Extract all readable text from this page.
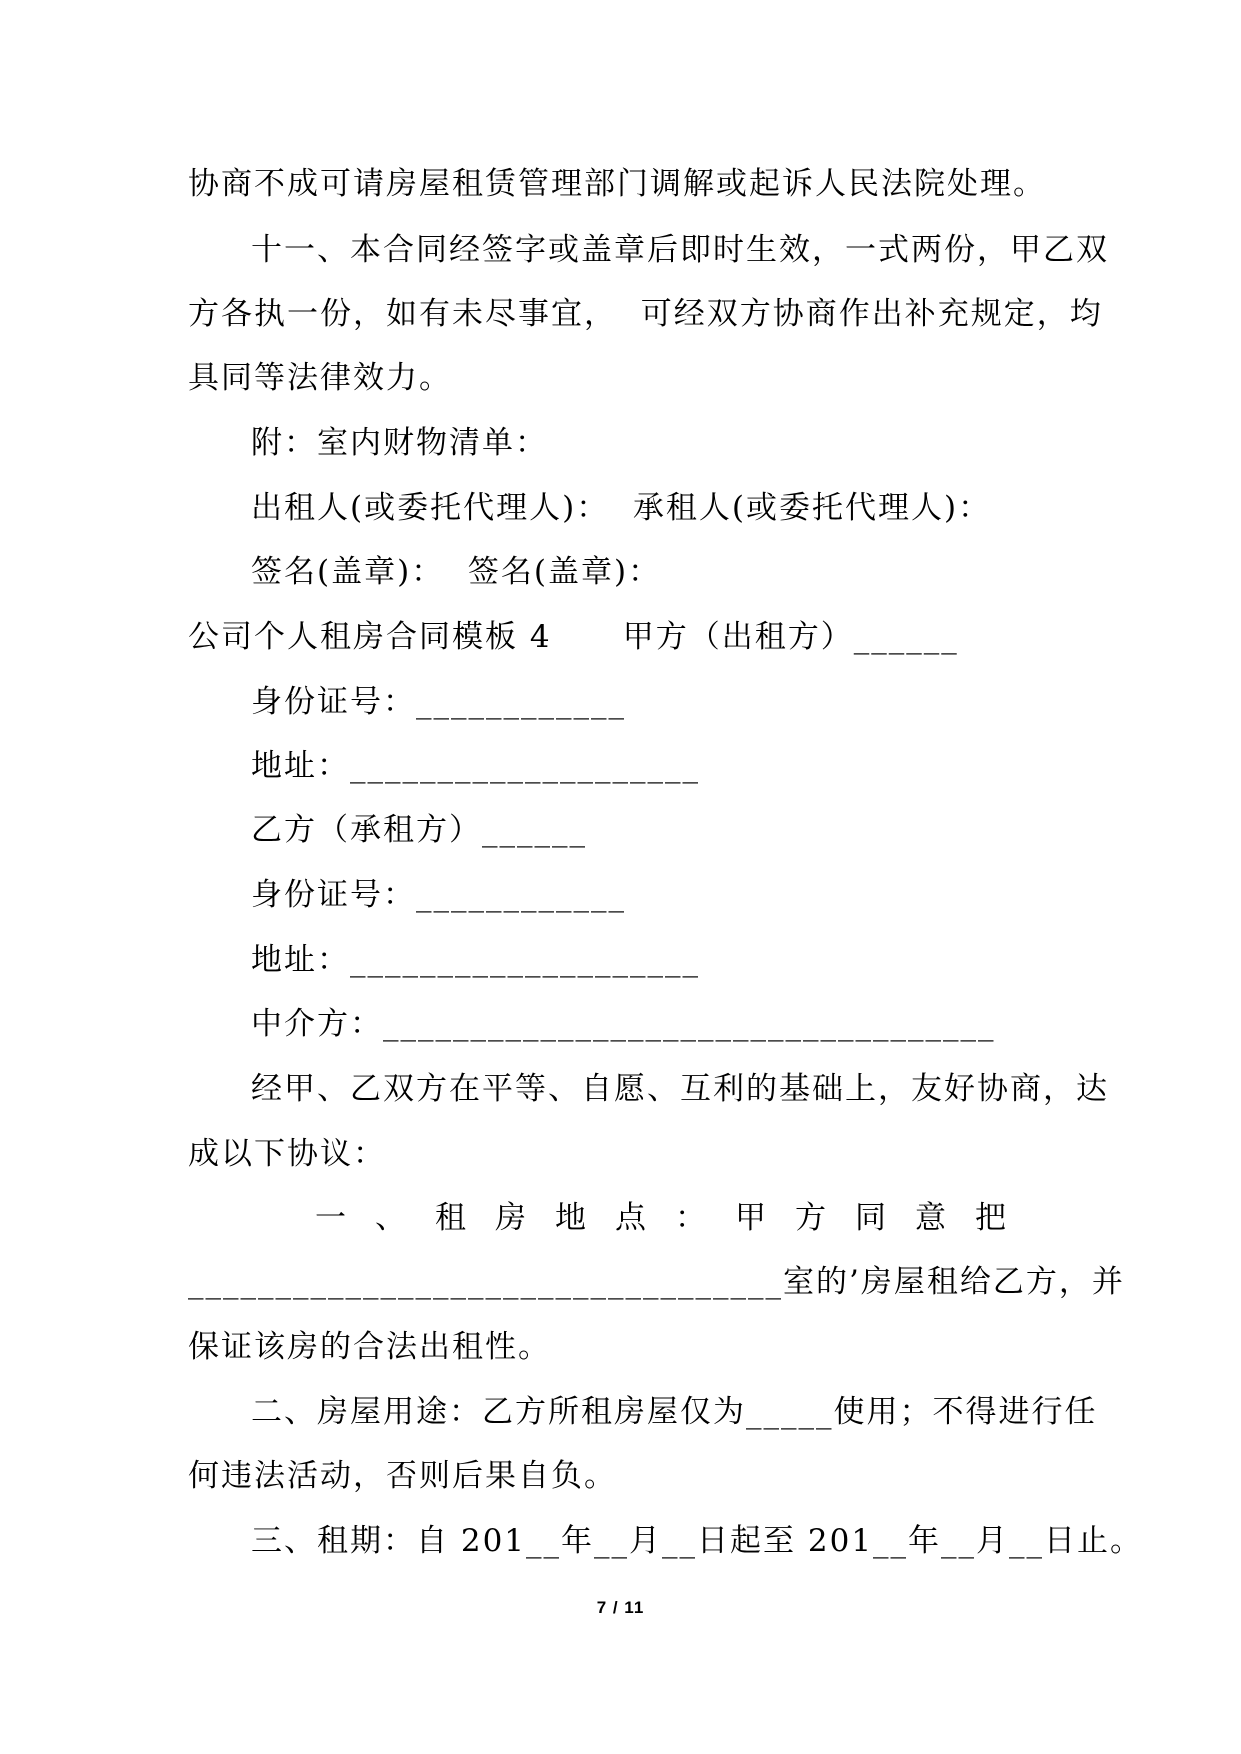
协商不成可请房屋租赁管理部门调解或起诉人民法院处理。
十一、本合同经签字或盖章后即时生效，一式两份，甲乙双
方各执一份，如有未尽事宜，  可经双方协商作出补充规定，均
具同等法律效力。
附：室内财物清单：
出租人(或委托代理人)：  承租人(或委托代理人)：
签名(盖章)：  签名(盖章)：
公司个人租房合同模板 4      甲方（出租方）______
身份证号：____________
地址：____________________
乙方（承租方）______
身份证号：____________
地址：____________________
中介方：___________________________________
经甲、乙双方在平等、自愿、互利的基础上，友好协商，达
成以下协议：
一、租房地点：甲方同意把
__________________________________室的’房屋租给乙方，并
保证该房的合法出租性。
二、房屋用途：乙方所租房屋仅为_____使用；不得进行任
何违法活动，否则后果自负。
三、租期：自 201__年__月__日起至 201__年__月__日止。
7 / 11
